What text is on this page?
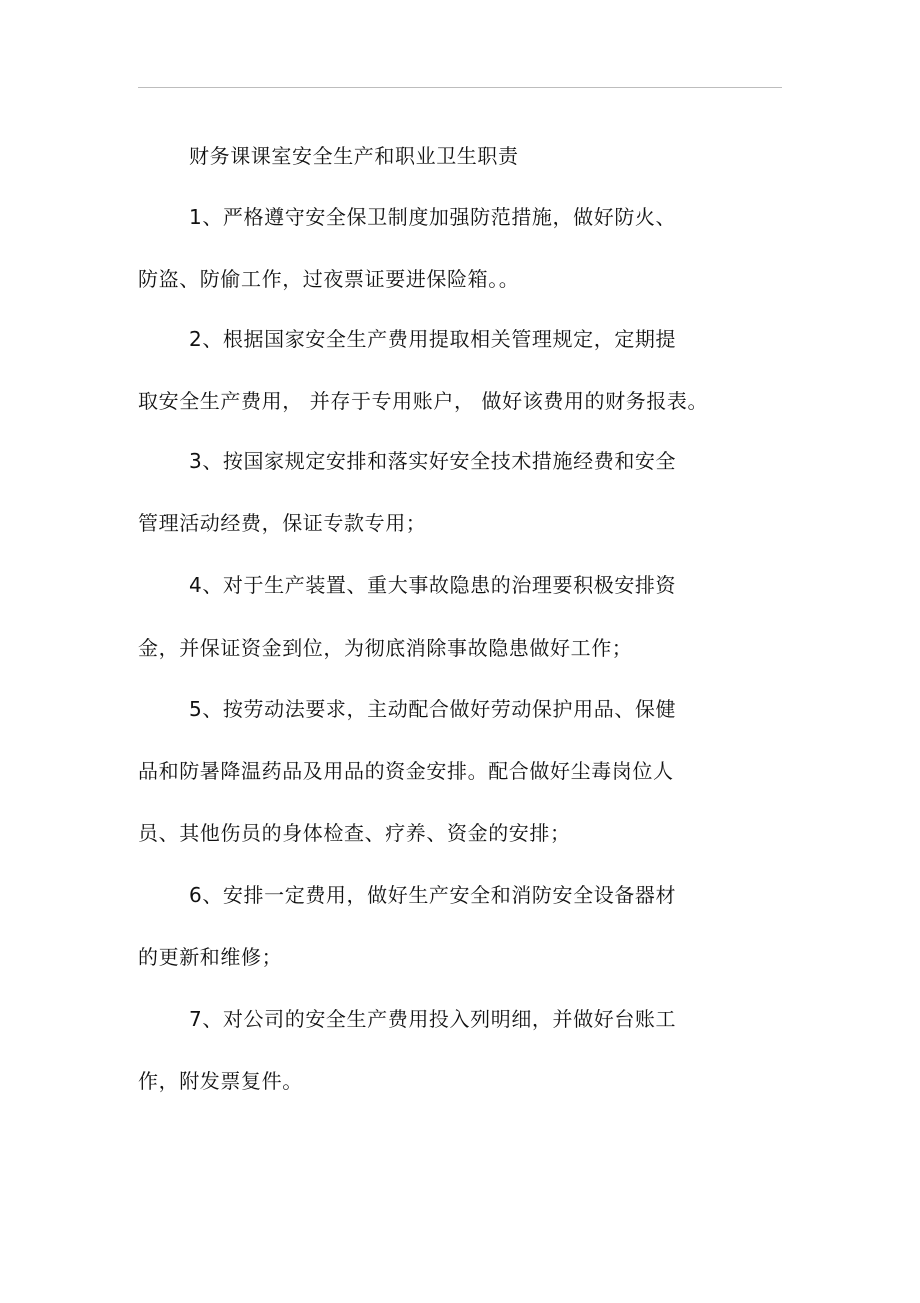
财务课课室安全生产和职业卫生职责
1、严格遵守安全保卫制度加强防范措施，做好防火、
防盗、防偷工作，过夜票证要进保险箱。。
2、根据国家安全生产费用提取相关管理规定，定期提
取安全生产费用， 并存于专用账户， 做好该费用的财务报表。
3、按国家规定安排和落实好安全技术措施经费和安全
管理活动经费，保证专款专用；
4、对于生产装置、重大事故隐患的治理要积极安排资
金，并保证资金到位，为彻底消除事故隐患做好工作；
5、按劳动法要求，主动配合做好劳动保护用品、保健
品和防暑降温药品及用品的资金安排。配合做好尘毒岗位人
员、其他伤员的身体检查、疗养、资金的安排；
6、安排一定费用，做好生产安全和消防安全设备器材
的更新和维修；
7、对公司的安全生产费用投入列明细，并做好台账工
作，附发票复件。
